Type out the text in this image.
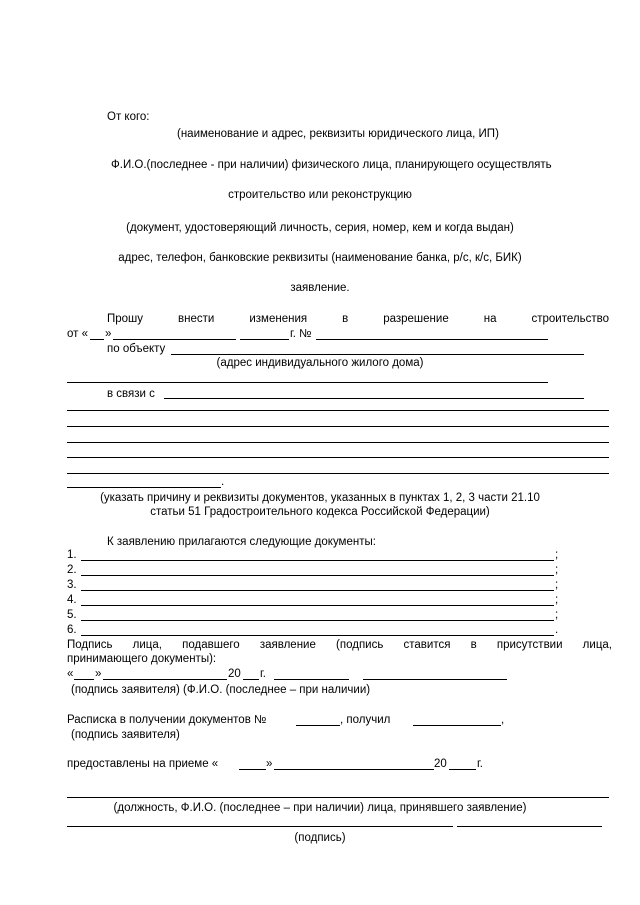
От кого:
(наименование и адрес, реквизиты юридического лица, ИП)
Ф.И.О.(последнее - при наличии) физического лица, планирующего осуществлять
строительство или реконструкцию
(документ, удостоверяющий личность, серия, номер, кем и когда выдан)
адрес, телефон, банковские реквизиты (наименование банка, р/с, к/с, БИК)
заявление.
Прошу	внести	изменения	в	разрешение	на	строительство
от « »	г. №
по объекту
(адрес индивидуального жилого дома)
в связи с
.
(указать причину и реквизиты документов, указанных в пунктах 1, 2, 3 части 21.10
статьи 51 Градостроительного кодекса Российской Федерации)
К заявлению прилагаются следующие документы:
1.	;
2.	;
3.	;
4.	;
5.	;
6.	.
Подпись лица, подавшего заявление (подпись ставится в присутствии лица,
принимающего документы):
« »	20 г.
(подпись заявителя) (Ф.И.О. (последнее – при наличии)
Расписка в получении документов №	, получил	,
(подпись заявителя)
предоставлены на приеме «	»	20	г.
(должность, Ф.И.О. (последнее – при наличии) лица, принявшего заявление)
(подпись)
